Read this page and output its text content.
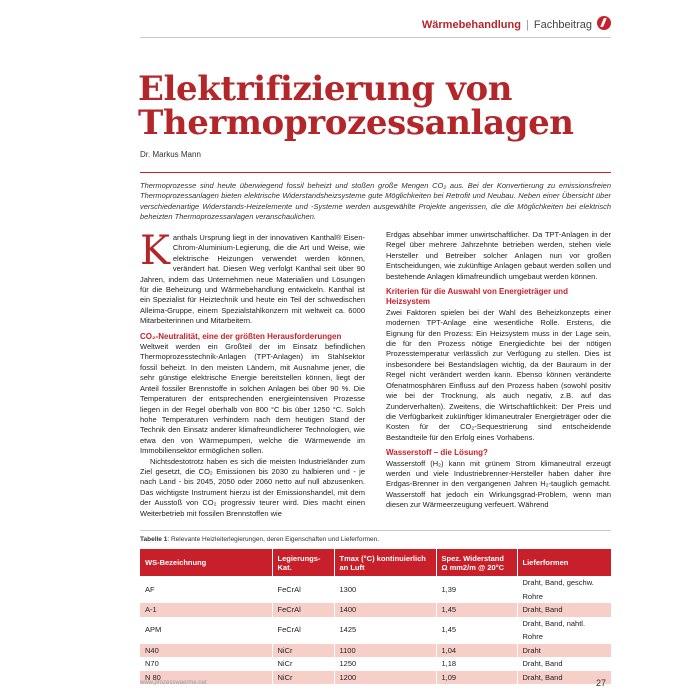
Wärmebehandlung | Fachbeitrag
Elektrifizierung von Thermoprozessanlagen
Dr. Markus Mann

Thermoprozesse sind heute überwiegend fossil beheizt und stoßen große Mengen CO₂ aus. Bei der Konvertierung zu emissionsfreien Thermoprozessanlagen bieten elektrische Widerstandsheizsysteme gute Möglichkeiten bei Retrofit und Neubau. Neben einer Übersicht über verschiedenartige Widerstands-Heizelemente und -Systeme werden ausgewählte Projekte angerissen, die die Möglichkeiten bei elektrisch beheizten Thermoprozessanlagen veranschaulichen.

Kanthals Ursprung liegt in der innovativen Kanthal® Eisen-Chrom-Aluminium-Legierung, die die Art und Weise, wie elektrische Heizungen verwendet werden können, verändert hat. Diesen Weg verfolgt Kanthal seit über 90 Jahren, indem das Unternehmen neue Materialien und Lösungen für die Beheizung und Wärmebehandlung entwickeln. Kanthal ist ein Spezialist für Heiztechnik und heute ein Teil der schwedischen Alleima-Gruppe, einem Spezialstahlkonzern mit weltweit ca. 6000 Mitarbeiterinnen und Mitarbeitern.

CO₂-Neutralität, eine der größten Herausforderungen

Weltweit werden ein Großteil der im Einsatz befindlichen Thermoprozesstechnik-Anlagen (TPT-Anlagen) im Stahlsektor fossil beheizt. In den meisten Ländern, mit Ausnahme jener, die sehr günstige elektrische Energie bereitstellen können, liegt der Anteil fossiler Brennstoffe in solchen Anlagen bei über 90 %. Die Temperaturen der entsprechenden energieintensiven Prozesse liegen in der Regel oberhalb von 800 °C bis über 1250 °C. Solch hohe Temperaturen verhindern nach dem heutigen Stand der Technik den Einsatz anderer klimafreundlicherer Technologien, wie etwa den von Wärmepumpen, welche die Wärmewende im Immobiliensektor ermöglichen sollen.

Nichtsdestotrotz haben es sich die meisten Industrieländer zum Ziel gesetzt, die CO₂ Emissionen bis 2030 zu halbieren und - je nach Land - bis 2045, 2050 oder 2060 netto auf null abzusenken. Das wichtigste Instrument hierzu ist der Emissionshandel, mit dem der Ausstoß von CO₂ progressiv teurer wird. Dies macht einen Weiterbetrieb mit fossilen Brennstoffen wie

Erdgas absehbar immer unwirtschaftlicher. Da TPT-Anlagen in der Regel über mehrere Jahrzehnte betrieben werden, stehen viele Hersteller und Betreiber solcher Anlagen nun vor großen Entscheidungen, wie zukünftige Anlagen gebaut werden sollen und bestehende Anlagen klimafreundlich umgebaut werden können.

Kriterien für die Auswahl von Energieträger und Heizsystem

Zwei Faktoren spielen bei der Wahl des Beheizkonzepts einer modernen TPT-Anlage eine wesentliche Rolle. Erstens, die Eignung für den Prozess: Ein Heizsystem muss in der Lage sein, die für den Prozess nötige Energiedichte bei der nötigen Prozesstemperatur verlässlich zur Verfügung zu stellen. Dies ist insbesondere bei Bestandslagen wichtig, da der Bauraum in der Regel nicht verändert werden kann. Ebenso können veränderte Ofenatmosphären Einfluss auf den Prozess haben (sowohl positiv wie bei der Trocknung, als auch negativ, z.B. auf das Zunderverhalten). Zweitens, die Wirtschaftlichkeit: Der Preis und die Verfügbarkeit zukünftiger klimaneutraler Energieträger oder die Kosten für der CO₂-Sequestrierung sind entscheidende Bestandteile für den Erfolg eines Vorhabens.

Wasserstoff – die Lösung?

Wasserstoff (H₂) kann mit grünem Strom klimaneutral erzeugt werden und viele Industriebrenner-Hersteller haben daher ihre Erdgas-Brenner in den vergangenen Jahren H₂-tauglich gemacht. Wasserstoff hat jedoch ein Wirkungsgrad-Problem, wenn man diesen zur Wärmeerzeugung verfeuert. Während

Tabelle 1: Relevante Heizleiterlegierungen, deren Eigenschaften und Lieferformen.

WS-Bezeichnung	Legierungs-Kat.	Tmax (°C) kontinuierlich an Luft	Spez. Widerstand Ω mm2/m @ 20°C	Lieferformen
AF	FeCrAl	1300	1,39	Draht, Band, geschw. Rohre
A-1	FeCrAl	1400	1,45	Draht, Band
APM	FeCrAl	1425	1,45	Draht, Band, nahtl. Rohre
N40	NiCr	1100	1,04	Draht
N70	NiCr	1250	1,18	Draht, Band
N 80	NiCr	1200	1,09	Draht, Band
www.prozesswaerme.net	27
